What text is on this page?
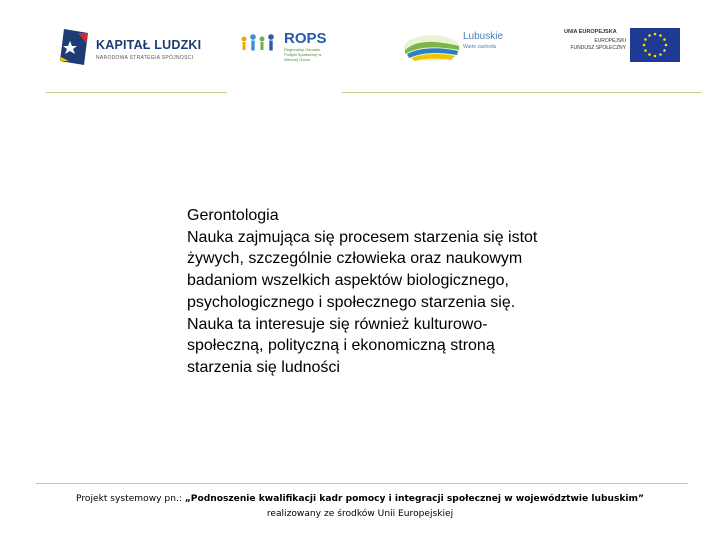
KAPITAŁ LUDZKI
NARODOWA STRATEGIA SPÓJNOŚCI
ROPS
Regionalny Ośrodek Polityki Społecznej w Zielonej Górze
Lubuskie
Warte zachodu
UNIA EUROPEJSKA
EUROPEJSKI
FUNDUSZ SPOŁECZNY
Gerontologia
Nauka zajmująca się procesem starzenia się istot żywych, szczególnie człowieka oraz naukowym badaniom wszelkich aspektów biologicznego, psychologicznego i społecznego starzenia się. Nauka ta interesuje się również kulturowo-społeczną, polityczną i ekonomiczną stroną starzenia się ludności
Projekt systemowy pn.: „Podnoszenie kwalifikacji kadr pomocy i integracji społecznej w województwie lubuskim”
realizowany ze środków Unii Europejskiej
